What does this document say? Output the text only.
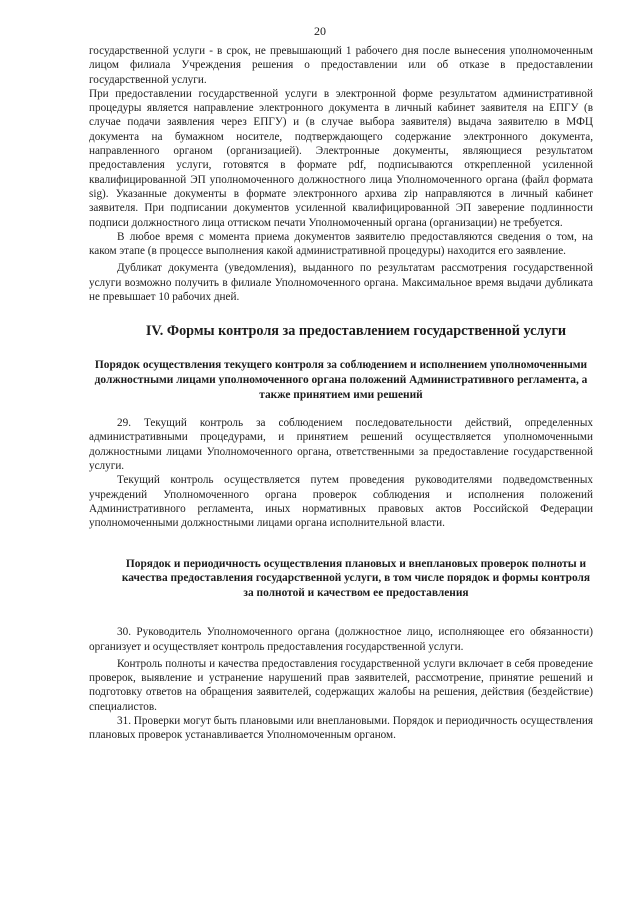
20

государственной услуги - в срок, не превышающий 1 рабочего дня после вынесения уполномоченным лицом филиала Учреждения решения о предоставлении или об отказе в предоставлении государственной услуги.

При предоставлении государственной услуги в электронной форме результатом административной процедуры является направление электронного документа в личный кабинет заявителя на ЕПГУ (в случае подачи заявления через ЕПГУ) и (в случае выбора заявителя) выдача заявителю в МФЦ документа на бумажном носителе, подтверждающего содержание электронного документа, направленного органом (организацией). Электронные документы, являющиеся результатом предоставления услуги, готовятся в формате pdf, подписываются открепленной усиленной квалифицированной ЭП уполномоченного должностного лица Уполномоченного органа (файл формата sig). Указанные документы в формате электронного архива zip направляются в личный кабинет заявителя. При подписании документов усиленной квалифицированной ЭП заверение подлинности подписи должностного лица оттиском печати Уполномоченный органа (организации) не требуется.

В любое время с момента приема документов заявителю предоставляются сведения о том, на каком этапе (в процессе выполнения какой административной процедуры) находится его заявление.

Дубликат документа (уведомления), выданного по результатам рассмотрения государственной услуги возможно получить в филиале Уполномоченного органа. Максимальное время выдачи дубликата не превышает 10 рабочих дней.

IV. Формы контроля за предоставлением государственной услуги
Порядок осуществления текущего контроля за соблюдением и исполнением уполномоченными должностными лицами уполномоченного органа положений Административного регламента, а также принятием ими решений

29. Текущий контроль за соблюдением последовательности действий, определенных административными процедурами, и принятием решений осуществляется уполномоченными должностными лицами Уполномоченного органа, ответственными за предоставление государственной услуги.

Текущий контроль осуществляется путем проведения руководителями подведомственных учреждений Уполномоченного органа проверок соблюдения и исполнения положений Административного регламента, иных нормативных правовых актов Российской Федерации уполномоченными должностными лицами органа исполнительной власти.

Порядок и периодичность осуществления плановых и внеплановых проверок полноты и качества предоставления государственной услуги, в том числе порядок и формы контроля за полнотой и качеством ее предоставления

30. Руководитель Уполномоченного органа (должностное лицо, исполняющее его обязанности) организует и осуществляет контроль предоставления государственной услуги.

Контроль полноты и качества предоставления государственной услуги включает в себя проведение проверок, выявление и устранение нарушений прав заявителей, рассмотрение, принятие решений и подготовку ответов на обращения заявителей, содержащих жалобы на решения, действия (бездействие) специалистов.

31. Проверки могут быть плановыми или внеплановыми. Порядок и периодичность осуществления плановых проверок устанавливается Уполномоченным органом.
